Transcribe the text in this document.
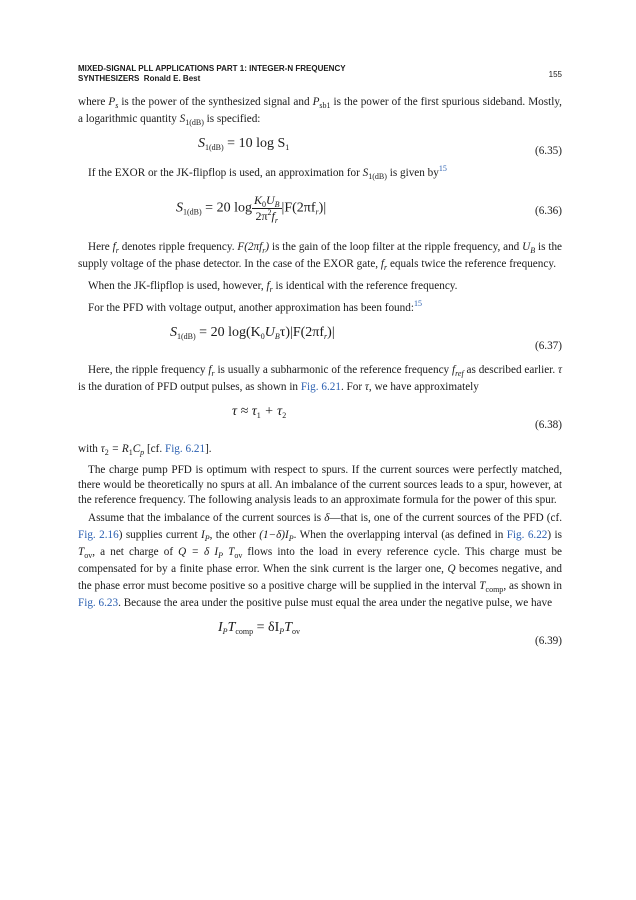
MIXED-SIGNAL PLL APPLICATIONS PART 1: INTEGER-N FREQUENCY
SYNTHESIZERS Ronald E. Best	155

where $P_s$ is the power of the synthesized signal and $P_{sb1}$ is the power of the first spurious sideband. Mostly, a logarithmic quantity $S_{1(dB)}$ is specified:

$S_{1(dB)} = 10$ $\log S_1$	(6.35)

If the EXOR or the JK-flipflop is used, an approximation for $S_{1(dB)}$ is given $by^{15}$

$S_{1(dB)} = 20$ $\log \frac{K_0U_B}{2\pi^2f_r} |F(2\pi f_r)|$	(6.36)

Here $f_r$ denotes ripple frequency. $F(2\pi f_r)$ is the gain of the loop filter at the ripple frequency, and $U_B$ is the supply voltage of the phase detector. In the case of the EXOR gate, $f_r$ equals twice the reference frequency.

When the JK-flipflop is used, however, $f_r$ is identical with the reference frequency.

For the PFD with voltage output, another approximation has been found:$^{15}$

$S_{1(dB)} = 20$ $\log(K_0U_B\tau)|F(2\pi f_r)|$
(6.37)

Here, the ripple frequency $f_r$ is usually a subharmonic of the reference frequency $f_{ref}$ as described earlier. τ is the duration of PFD output pulses, as shown in Fig. 6.21. For τ, we have approximately

$\tau \approx \tau_1 + \tau_2$
(6.38)

with $\tau_2 = R_1C_p$ [cf. Fig. 6.21].

The charge pump PFD is optimum with respect to spurs. If the current sources were perfectly matched, there would be theoretically no spurs at all. An imbalance of the current sources leads to a spur, however, at the reference frequency. The following analysis leads to an approximate formula for the power of this spur.

Assume that the imbalance of the current sources is δ—that is, one of the current sources of the PFD (cf. Fig. 2.16) supplies current $I_P$, the other $(1-\delta)I_P$. When the overlapping interval (as defined in Fig. 6.22) is $T_{ov}$, a net charge of Q = δ $I_P$ $T_{ov}$ flows into the load in every reference cycle. This charge must be compensated for by a finite phase error. When the sink current is the larger one, Q becomes negative, and the phase error must become positive so a positive charge will be supplied in the interval $T_{comp}$, as shown in Fig. 6.23. Because the area under the positive pulse must equal the area under the negative pulse, we have

$I_PT_{comp} = \delta I_PT_{ov}$
(6.39)
